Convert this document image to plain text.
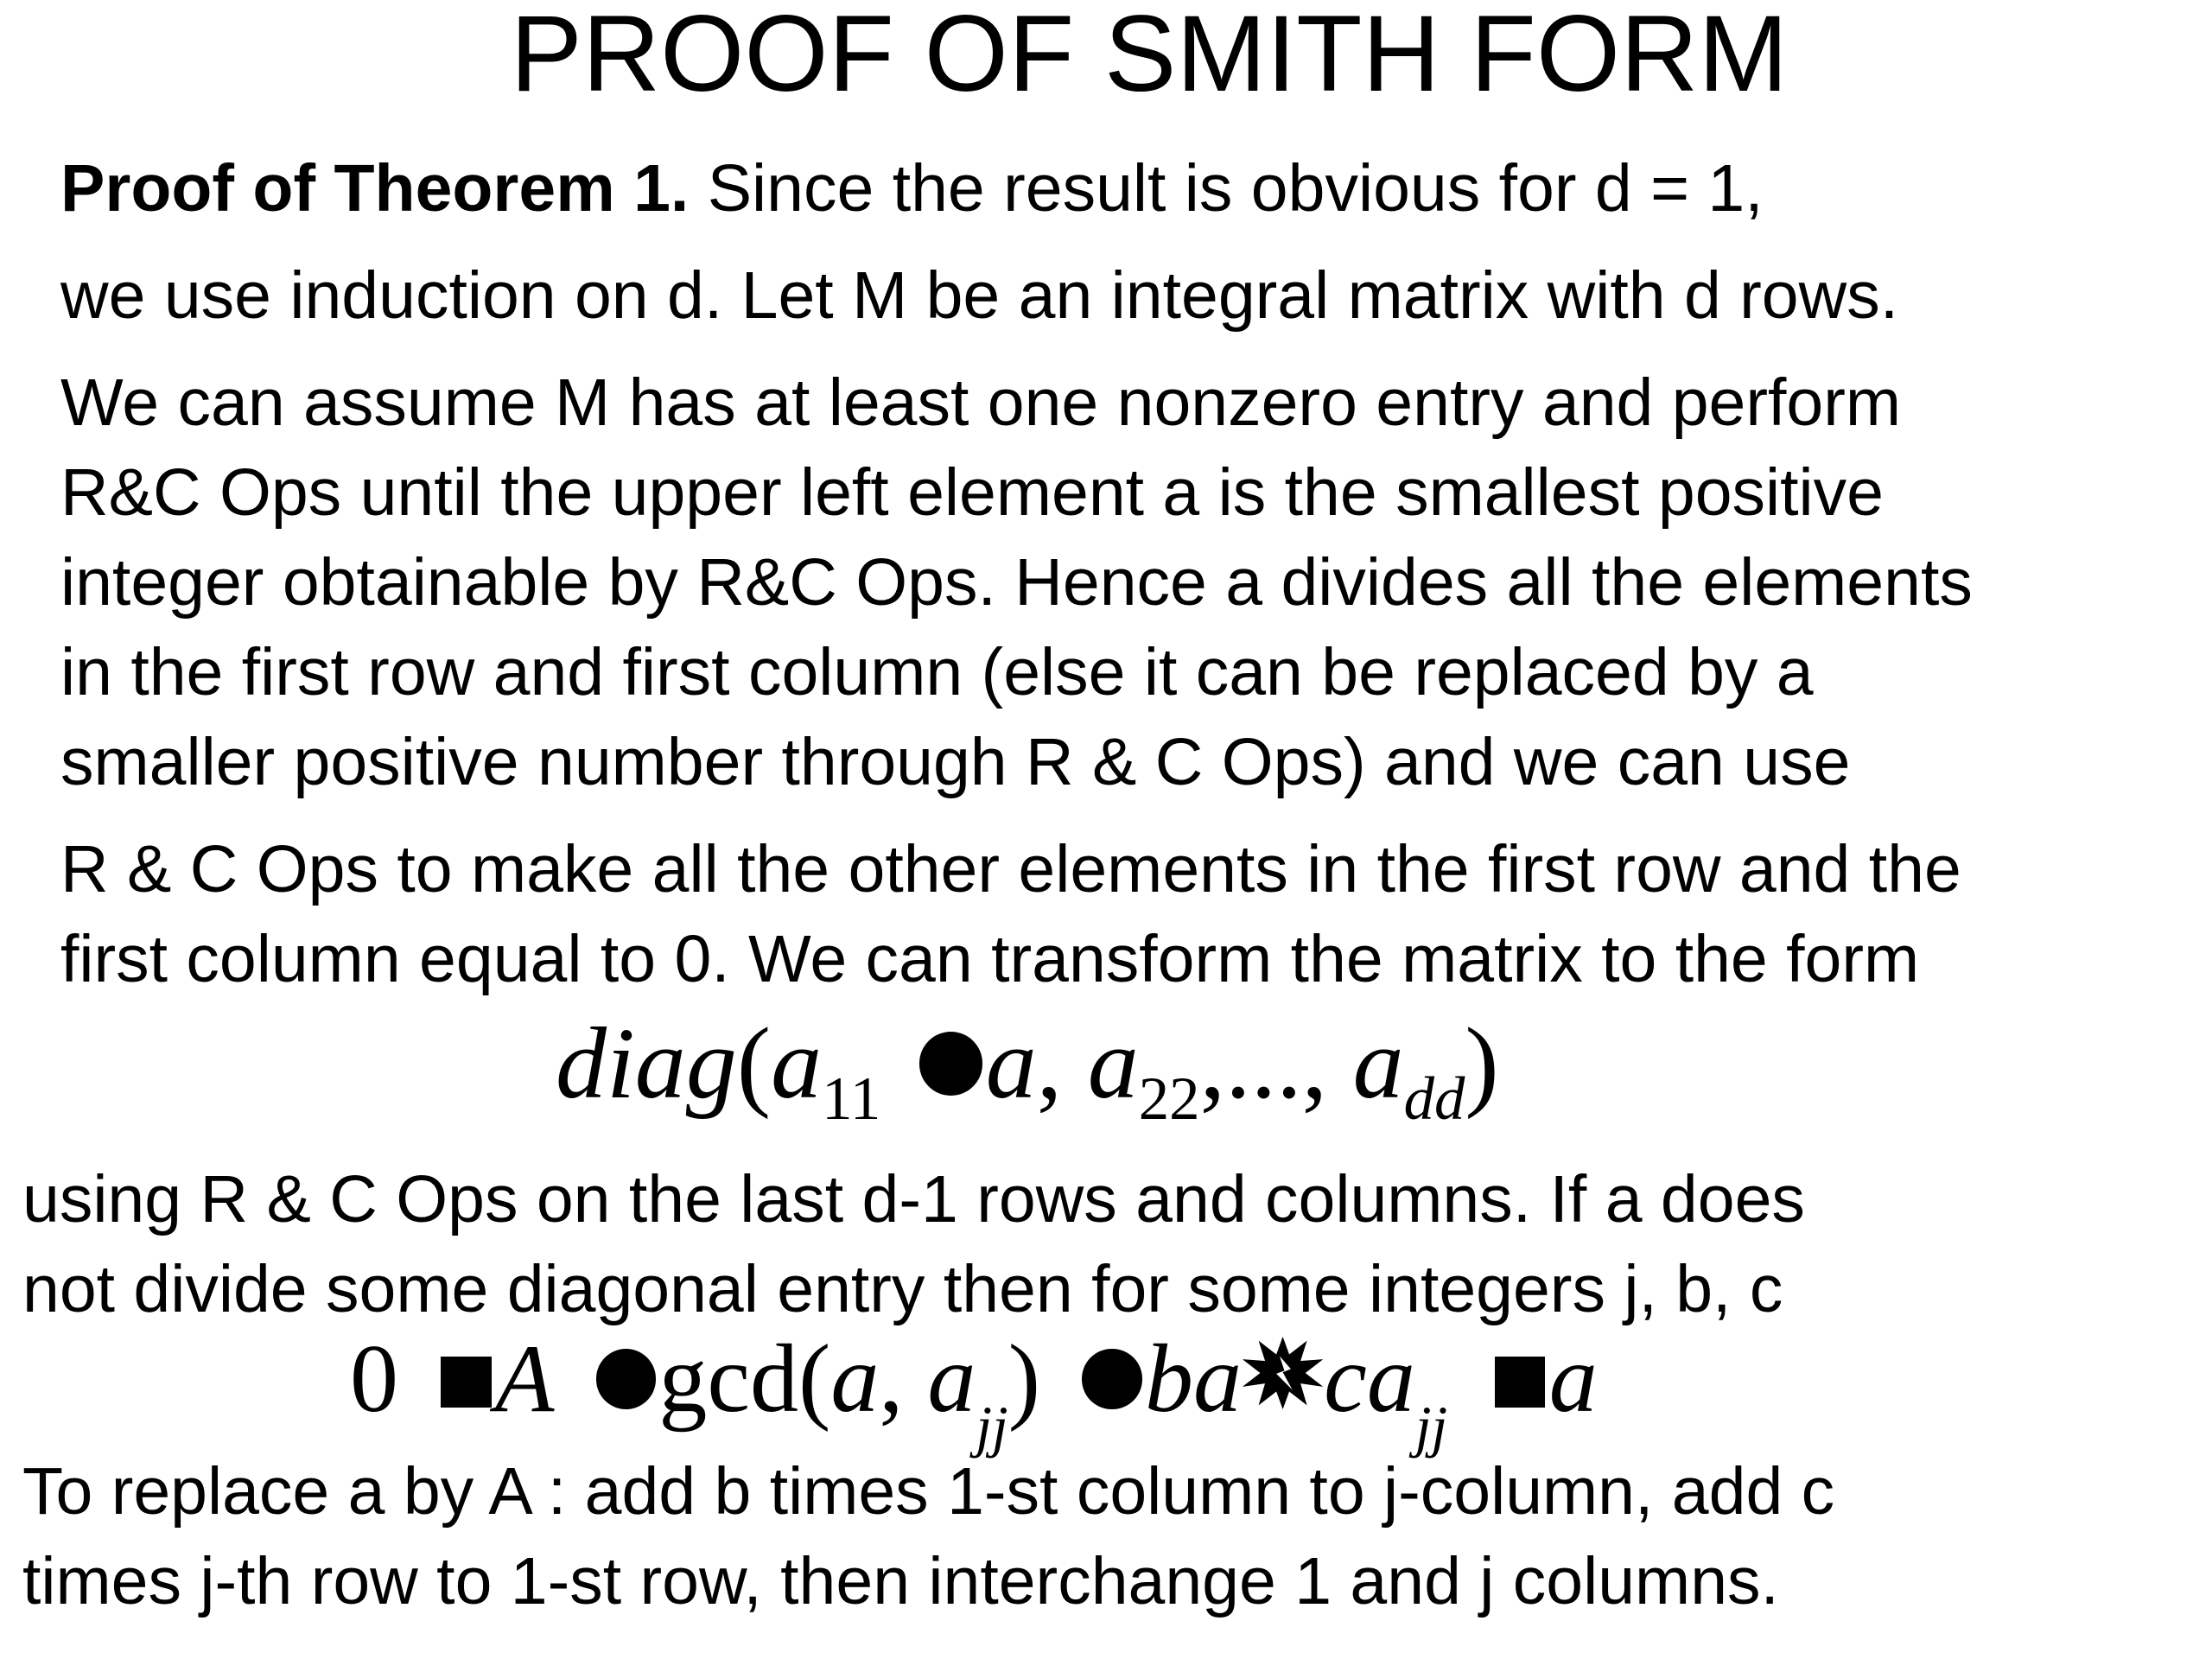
PROOF OF SMITH FORM
Proof of Theorem 1. Since the result is obvious for d = 1,
we use induction on d. Let M be an integral matrix with d rows.
We can assume M has at least one nonzero entry and perform
R&C Ops until the upper left element a is the smallest positive
integer obtainable by R&C Ops. Hence a divides all the elements
in the first row and first column (else it can be replaced by a
smaller positive number through R & C Ops) and we can use
R & C Ops to make all the other elements in the first row and the
first column equal to 0. We can transform the matrix to the form
$diag(a_{11}$ a, $a_{22}$,..., $a_{dd}$)
using R & C Ops on the last d-1 rows and columns. If a does
not divide some diagonal entry then for some integers j, b, c
0 A gcd(a, $a_{jj}$) ba $ca_{jj}$ a
To replace a by A : add b times 1-st column to j-column, add c
times j-th row to 1-st row, then interchange 1 and j columns.
